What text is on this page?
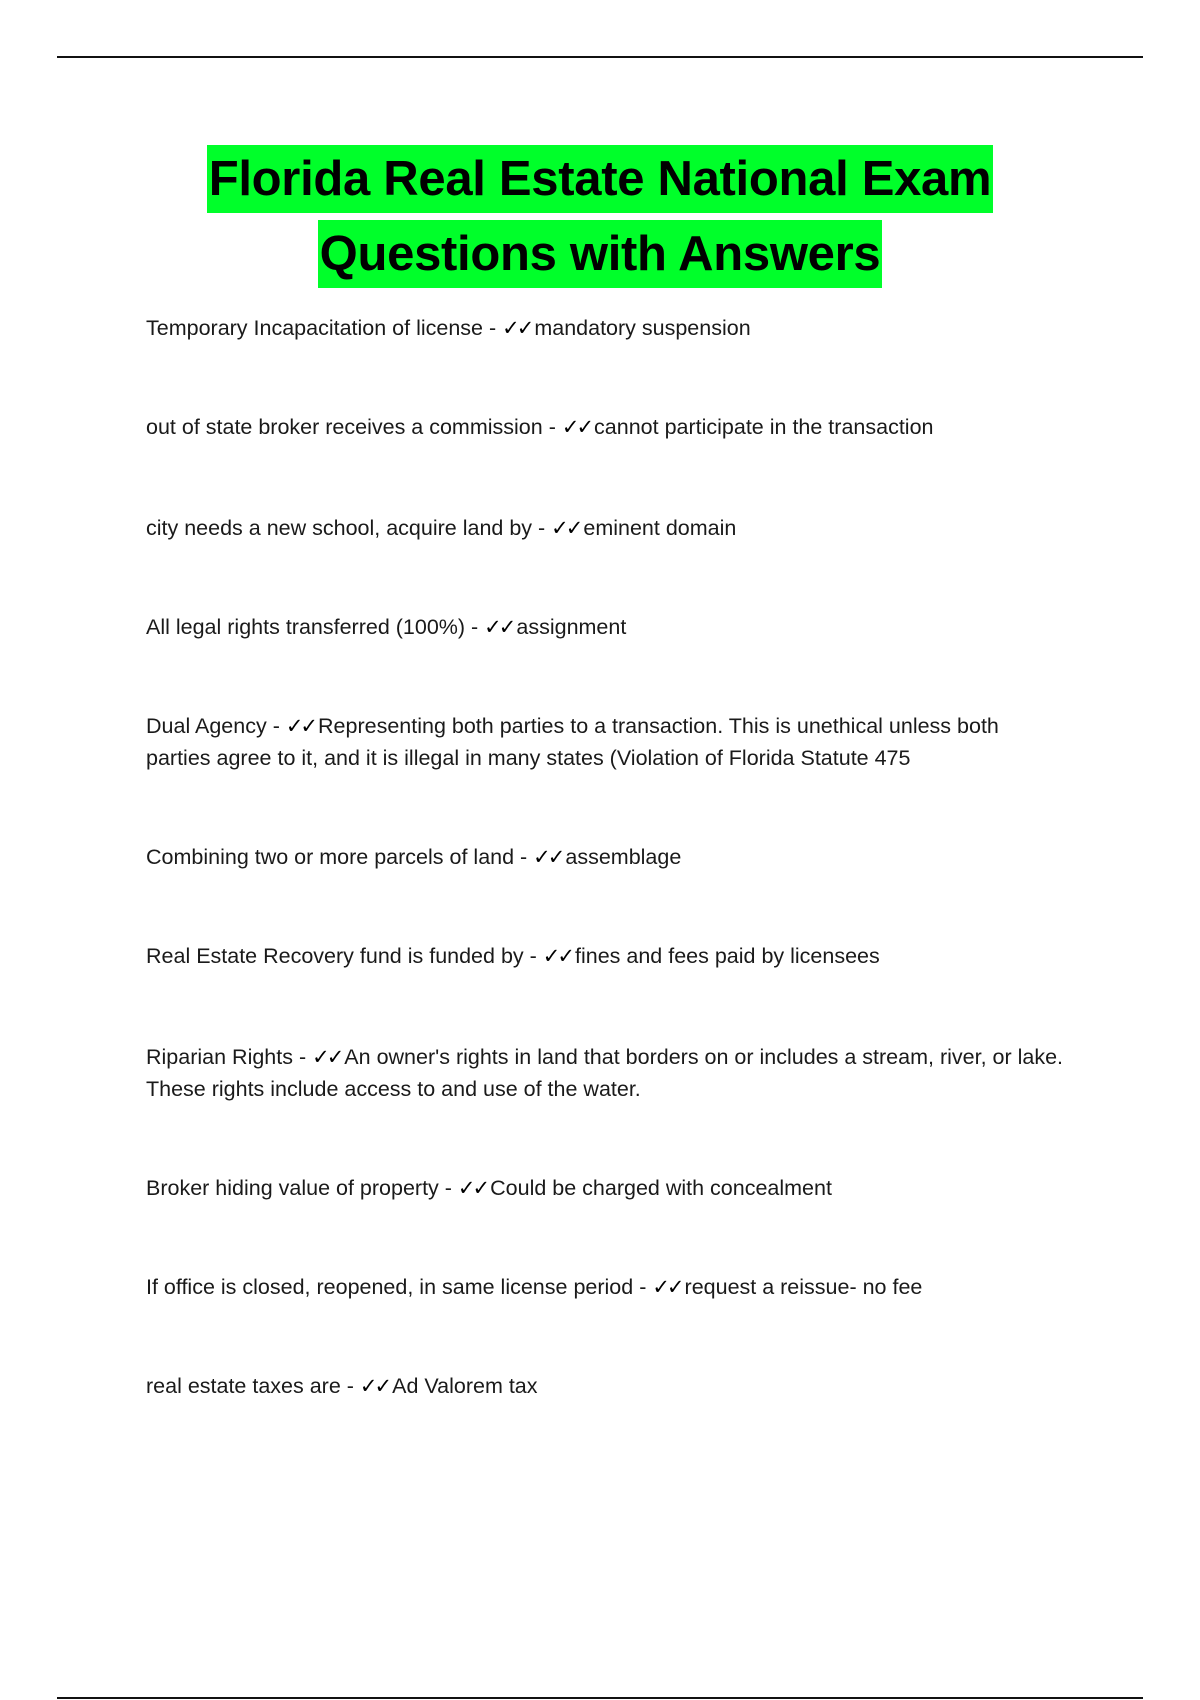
Florida Real Estate National Exam
Questions with Answers
Temporary Incapacitation of license - ✓✓ mandatory suspension
out of state broker receives a commission - ✓✓ cannot participate in the transaction
city needs a new school, acquire land by - ✓✓ eminent domain
All legal rights transferred (100%) - ✓✓ assignment
Dual Agency - ✓✓ Representing both parties to a transaction. This is unethical unless both parties agree to it, and it is illegal in many states (Violation of Florida Statute 475
Combining two or more parcels of land - ✓✓ assemblage
Real Estate Recovery fund is funded by - ✓✓ fines and fees paid by licensees
Riparian Rights - ✓✓ An owner's rights in land that borders on or includes a stream, river, or lake. These rights include access to and use of the water.
Broker hiding value of property - ✓✓ Could be charged with concealment
If office is closed, reopened, in same license period - ✓✓ request a reissue- no fee
real estate taxes are - ✓✓ Ad Valorem tax
